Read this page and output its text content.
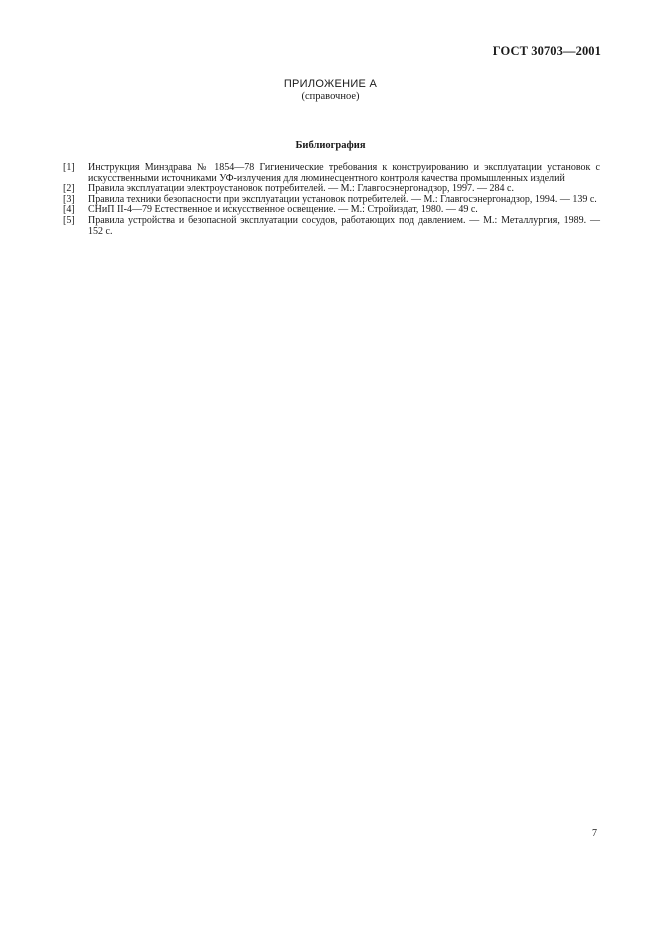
ГОСТ 30703—2001
ПРИЛОЖЕНИЕ А
(справочное)
Библиография
[1]	Инструкция Минздрава № 1854—78 Гигиенические требования к конструированию и эксплуатации установок с искусственными источниками УФ-излучения для люминесцентного контроля качества промышленных изделий
[2]	Правила эксплуатации электроустановок потребителей. — М.: Главгосэнергонадзор, 1997. — 284 с.
[3]	Правила техники безопасности при эксплуатации установок потребителей. — М.: Главгосэнергонадзор, 1994. — 139 с.
[4]	СНиП II-4—79 Естественное и искусственное освещение. — М.: Стройиздат, 1980. — 49 с.
[5]	Правила устройства и безопасной эксплуатации сосудов, работающих под давлением. — М.: Металлургия, 1989. — 152 с.
7
